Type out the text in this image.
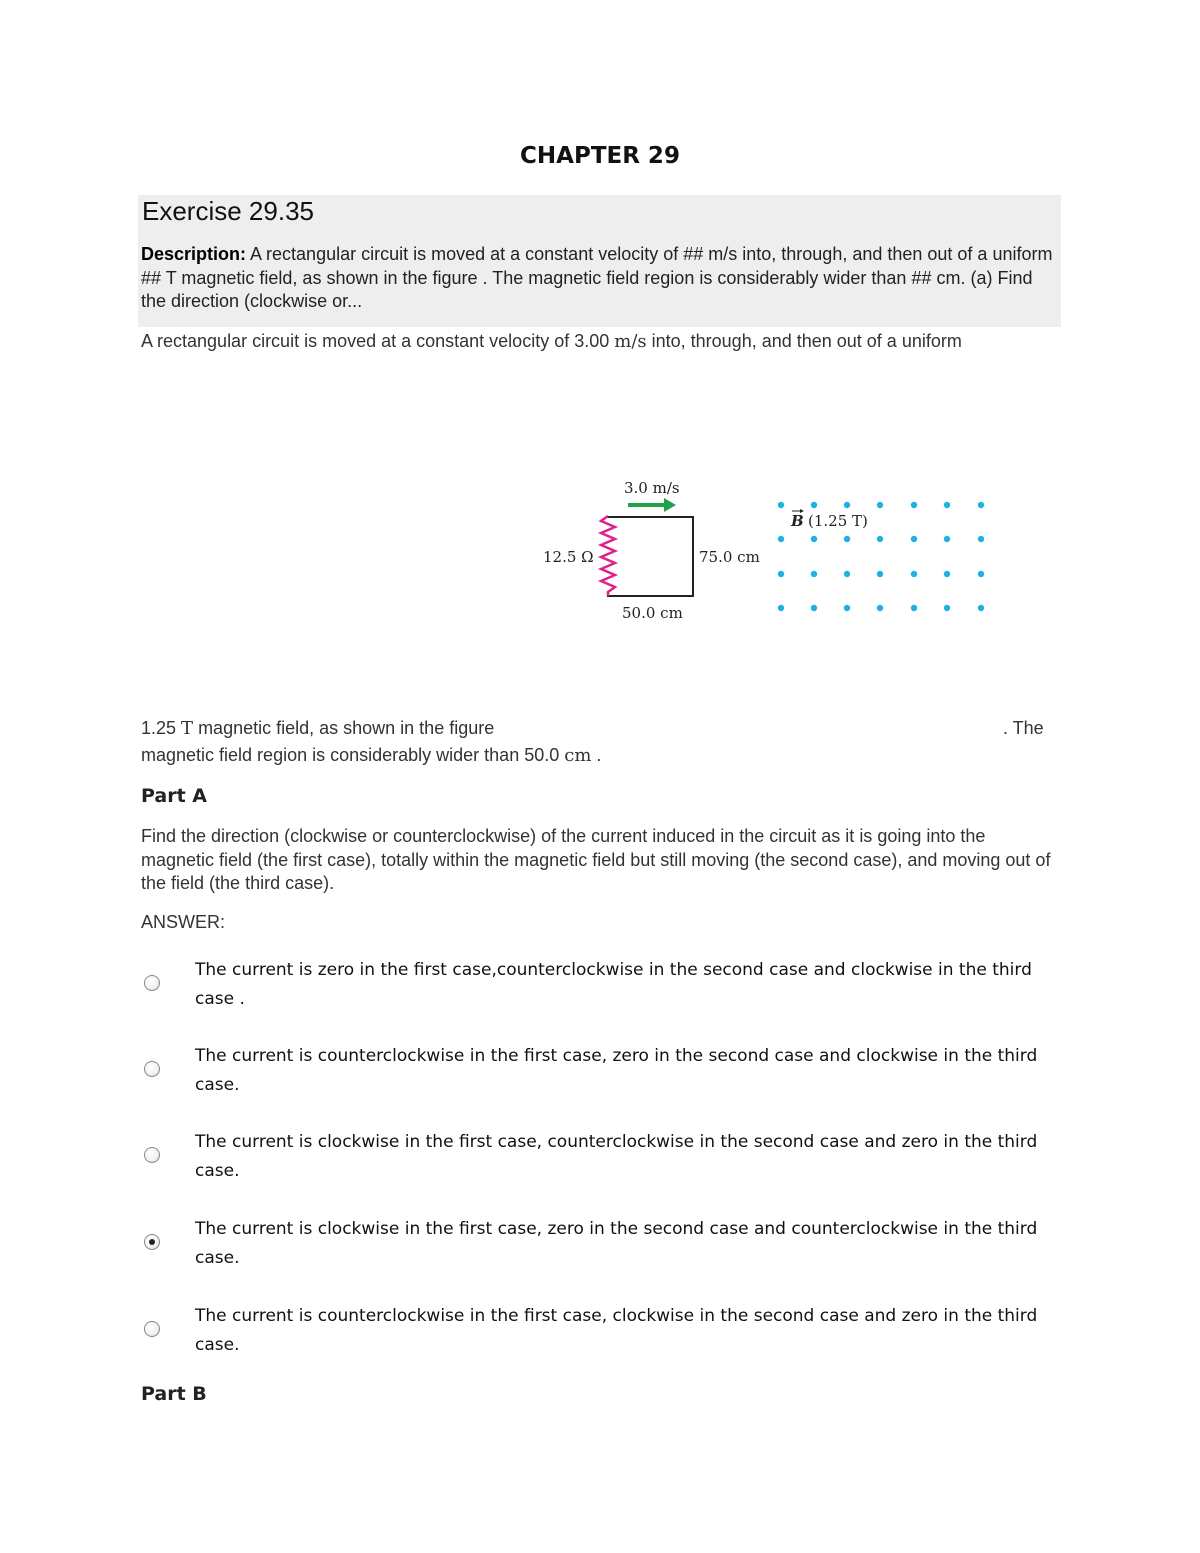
CHAPTER 29
Exercise 29.35
Description: A rectangular circuit is moved at a constant velocity of ## m/s into, through, and then out of a uniform ## T magnetic field, as shown in the figure . The magnetic field region is considerably wider than ## cm. (a) Find the direction (clockwise or...
A rectangular circuit is moved at a constant velocity of 3.00 m/s into, through, and then out of a uniform
3.0 m/s
12.5 Ω	75.0 cm
50.0 cm
B (1.25 T)
1.25 T magnetic field, as shown in the figure	. The
magnetic field region is considerably wider than 50.0 cm .
Part A
Find the direction (clockwise or counterclockwise) of the current induced in the circuit as it is going into the magnetic field (the first case), totally within the magnetic field but still moving (the second case), and moving out of the field (the third case).
ANSWER:
The current is zero in the first case,counterclockwise in the second case and clockwise in the third case .
The current is counterclockwise in the first case, zero in the second case and clockwise in the third case.
The current is clockwise in the first case, counterclockwise in the second case and zero in the third case.
The current is clockwise in the first case, zero in the second case and counterclockwise in the third case.
The current is counterclockwise in the first case, clockwise in the second case and zero in the third case.
Part B
